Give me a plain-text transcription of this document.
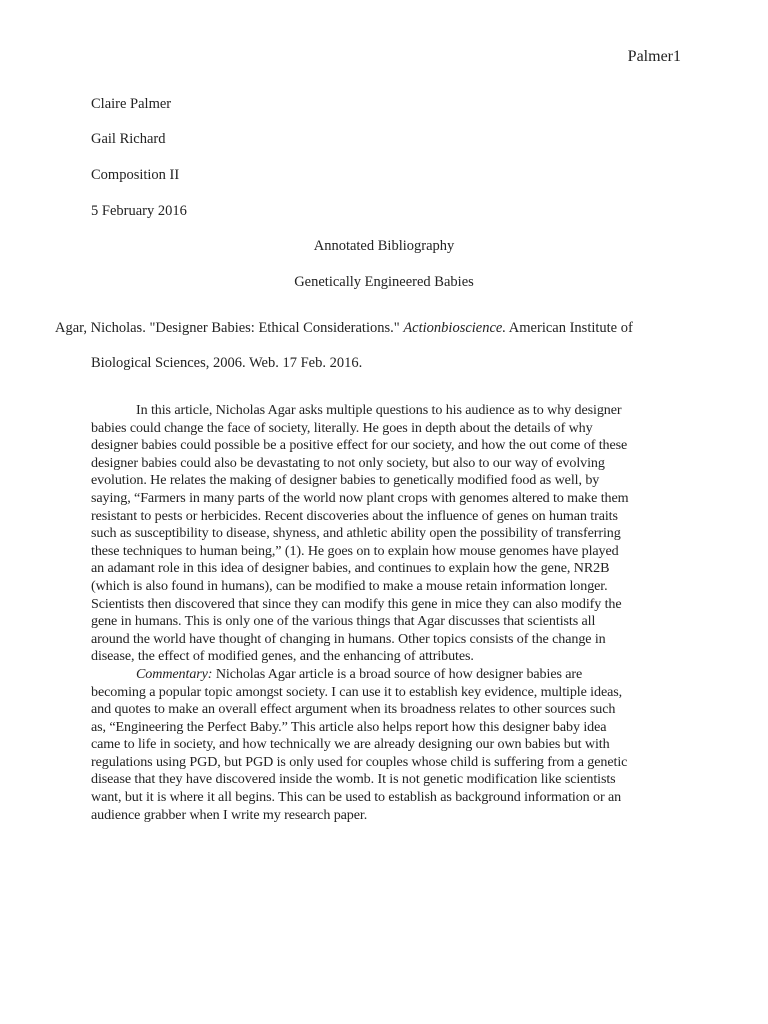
Palmer1
Claire Palmer
Gail Richard
Composition II
5 February 2016
Annotated Bibliography
Genetically Engineered Babies
Agar, Nicholas. "Designer Babies: Ethical Considerations." Actionbioscience. American Institute of
Biological Sciences, 2006. Web. 17 Feb. 2016.
In this article, Nicholas Agar asks multiple questions to his audience as to why designer
babies could change the face of society, literally. He goes in depth about the details of why
designer babies could possible be a positive effect for our society, and how the out come of these
designer babies could also be devastating to not only society, but also to our way of evolving
evolution. He relates the making of designer babies to genetically modified food as well, by
saying, “Farmers in many parts of the world now plant crops with genomes altered to make them
resistant to pests or herbicides. Recent discoveries about the influence of genes on human traits
such as susceptibility to disease, shyness, and athletic ability open the possibility of transferring
these techniques to human being,” (1). He goes on to explain how mouse genomes have played
an adamant role in this idea of designer babies, and continues to explain how the gene, NR2B
(which is also found in humans), can be modified to make a mouse retain information longer.
Scientists then discovered that since they can modify this gene in mice they can also modify the
gene in humans. This is only one of the various things that Agar discusses that scientists all
around the world have thought of changing in humans. Other topics consists of the change in
disease, the effect of modified genes, and the enhancing of attributes.
Commentary: Nicholas Agar article is a broad source of how designer babies are
becoming a popular topic amongst society. I can use it to establish key evidence, multiple ideas,
and quotes to make an overall effect argument when its broadness relates to other sources such
as, “Engineering the Perfect Baby.” This article also helps report how this designer baby idea
came to life in society, and how technically we are already designing our own babies but with
regulations using PGD, but PGD is only used for couples whose child is suffering from a genetic
disease that they have discovered inside the womb. It is not genetic modification like scientists
want, but it is where it all begins. This can be used to establish as background information or an
audience grabber when I write my research paper.
